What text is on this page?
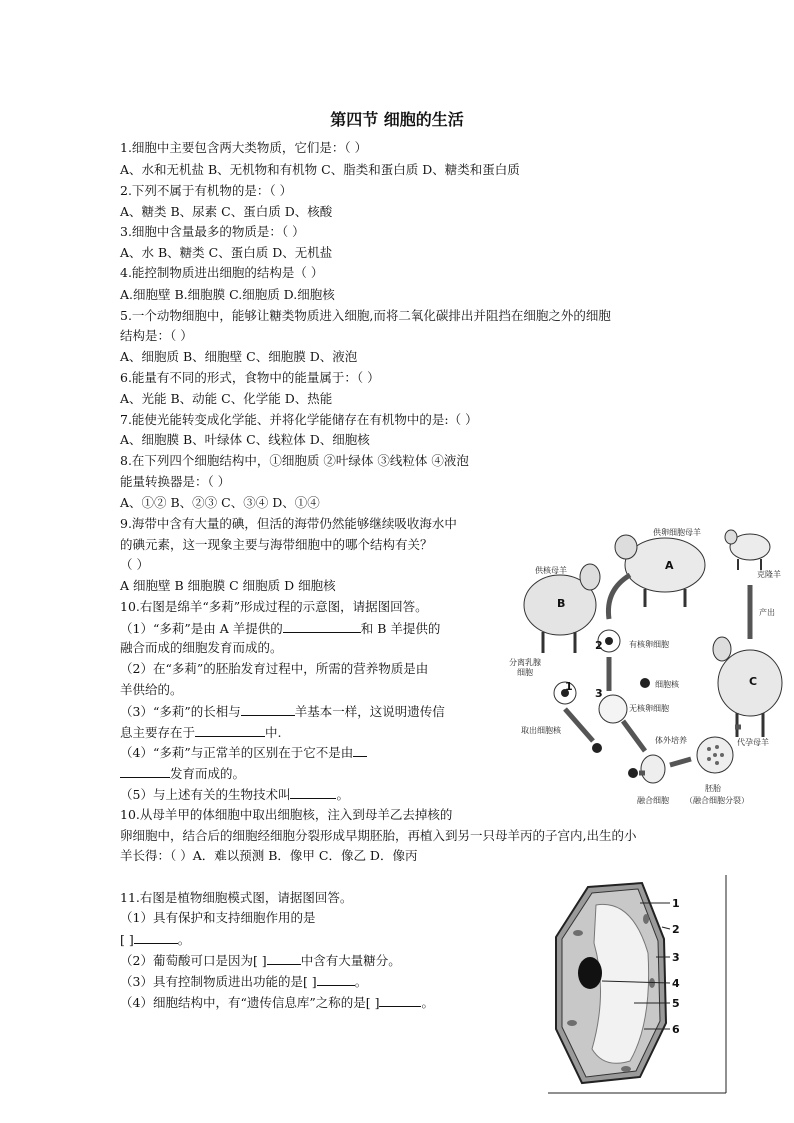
第四节 细胞的生活
1.细胞中主要包含两大类物质，它们是：（ ）
A、水和无机盐 B、无机物和有机物 C、脂类和蛋白质 D、糖类和蛋白质
2.下列不属于有机物的是：（ ）
A、糖类 B、尿素 C、蛋白质 D、核酸
3.细胞中含量最多的物质是：（ ）
A、水 B、糖类 C、蛋白质 D、无机盐
4.能控制物质进出细胞的结构是（ ）
A.细胞壁 B.细胞膜 C.细胞质 D.细胞核
5.一个动物细胞中，能够让糖类物质进入细胞,而将二氧化碳排出并阻挡在细胞之外的细胞
结构是：（ ）
A、细胞质 B、细胞壁 C、细胞膜 D、液泡
6.能量有不同的形式，食物中的能量属于：（ ）
A、光能 B、动能 C、化学能 D、热能
7.能使光能转变成化学能、并将化学能储存在有机物中的是:（ ）
A、细胞膜 B、叶绿体 C、线粒体 D、细胞核
8.在下列四个细胞结构中，①细胞质 ②叶绿体 ③线粒体 ④液泡
能量转换器是：（ ）
A、①② B、②③ C、③④ D、①④
9.海带中含有大量的碘，但活的海带仍然能够继续吸收海水中
的碘元素，这一现象主要与海带细胞中的哪个结构有关？
（ ）
A 细胞壁 B 细胞膜 C 细胞质 D 细胞核
10.右图是绵羊“多莉”形成过程的示意图，请据图回答。
（1）“多莉”是由 A 羊提供的	和 B 羊提供的
融合而成的细胞发育而成的。
（2）在“多莉”的胚胎发育过程中，所需的营养物质是由
羊供给的。
（3）“多莉”的长相与	羊基本一样，这说明遗传信
息主要存在于	中.
（4）“多莉”与正常羊的区别在于它不是由
发育而成的。
（5）与上述有关的生物技术叫	。
10.从母羊甲的体细胞中取出细胞核，注入到母羊乙去掉核的
卵细胞中，结合后的细胞经细胞分裂形成早期胚胎，再植入到另一只母羊丙的子宫内,出生的小
羊长得：（ ）A．难以预测 B．像甲 C．像乙 D．像丙
11.右图是植物细胞模式图，请据图回答。
（1）具有保护和支持细胞作用的是
[ ]	。
（2）葡萄酸可口是因为[ ]	中含有大量糖分。
（3）具有控制物质进出功能的是[ ]	。
（4）细胞结构中，有“遗传信息库”之称的是[ ]	。
供卵细胞母羊
克隆羊
供核母羊	A
B
C
2
1
3
有核卵细胞
细胞核
分离乳腺
细胞
取出细胞核
无核卵细胞
体外培养
胚胎
（融合细胞分裂）
融合细胞
代孕母羊
产出
1
2
3
4
5
6
